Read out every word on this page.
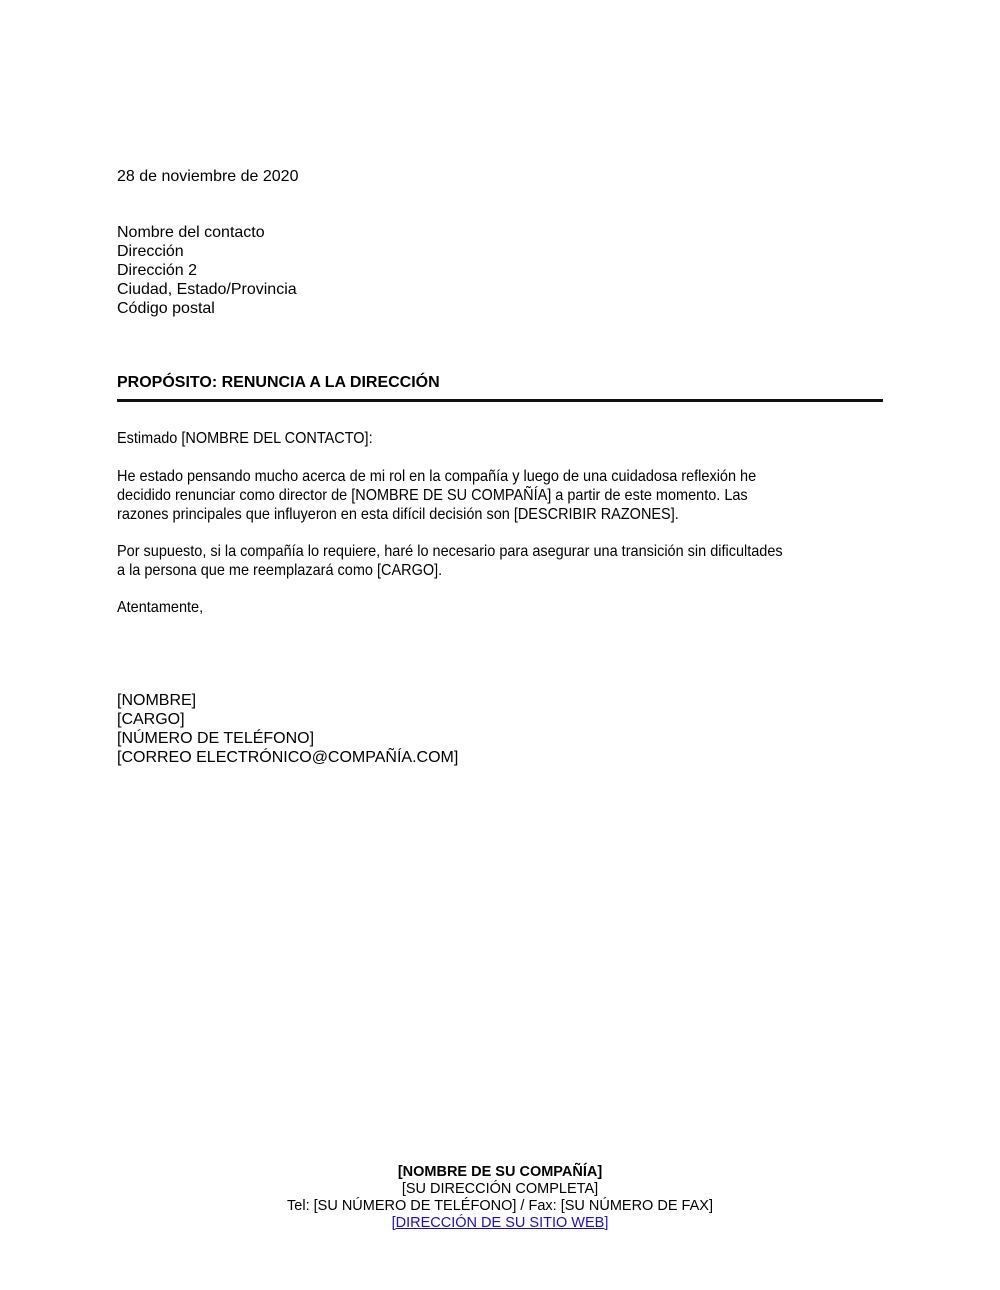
28 de noviembre de 2020
Nombre del contacto
Dirección
Dirección 2
Ciudad, Estado/Provincia
Código postal
PROPÓSITO: RENUNCIA A LA DIRECCIÓN
Estimado [NOMBRE DEL CONTACTO]:
He estado pensando mucho acerca de mi rol en la compañía y luego de una cuidadosa reflexión he
decidido renunciar como director de [NOMBRE DE SU COMPAÑÍA] a partir de este momento. Las
razones principales que influyeron en esta difícil decisión son [DESCRIBIR RAZONES].
Por supuesto, si la compañía lo requiere, haré lo necesario para asegurar una transición sin dificultades
a la persona que me reemplazará como [CARGO].
Atentamente,
[NOMBRE]
[CARGO]
[NÚMERO DE TELÉFONO]
[CORREO ELECTRÓNICO@COMPAÑÍA.COM]
[NOMBRE DE SU COMPAÑÍA]
[SU DIRECCIÓN COMPLETA]
Tel: [SU NÚMERO DE TELÉFONO] / Fax: [SU NÚMERO DE FAX]
[DIRECCIÓN DE SU SITIO WEB]
